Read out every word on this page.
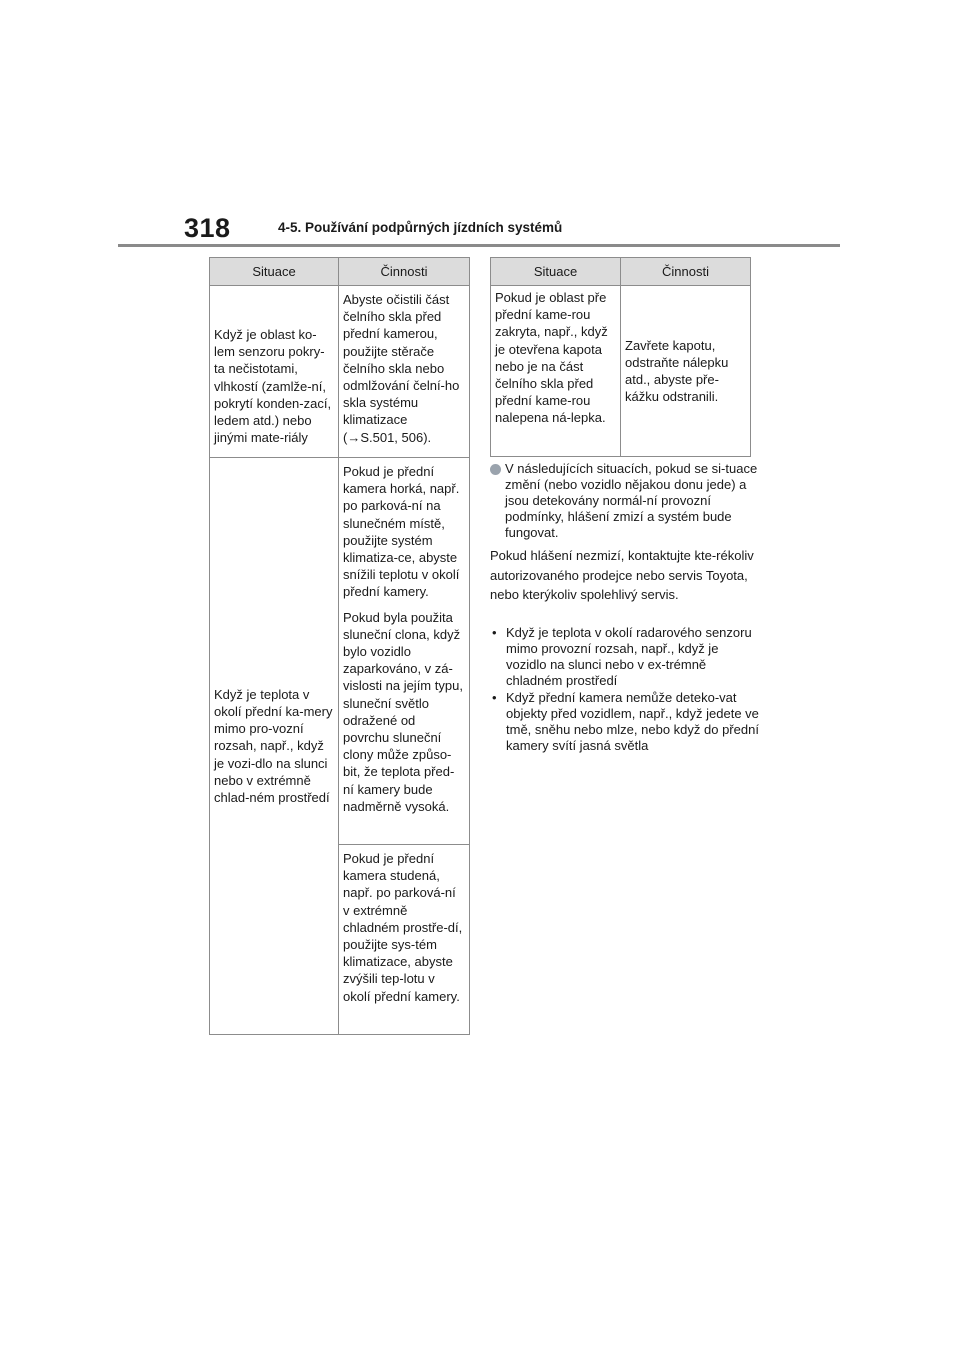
318	4-5. Používání podpůrných jízdních systémů
Situace	Činnosti
Když je oblast ko-lem senzoru pokry-ta nečistotami, vlhkostí (zamlže-ní, pokrytí konden-zací, ledem atd.) nebo jinými mate-riály	Abyste očistili část čelního skla před přední kamerou, použijte stěrače čelního skla nebo odmlžování čelní-ho skla systému klimatizace (→S.501, 506).
Když je teplota v okolí přední ka-mery mimo pro-vozní rozsah, např., když je vozi-dlo na slunci nebo v extrémně chlad-ném prostředí	Pokud je přední kamera horká, např. po parková-ní na slunečném místě, použijte systém klimatiza-ce, abyste snížili teplotu v okolí přední kamery.
Pokud byla použita sluneční clona, když bylo vozidlo zaparkováno, v zá-vislosti na jejím typu, sluneční světlo odražené od povrchu sluneční clony může způso-bit, že teplota před-ní kamery bude nadměrně vysoká.

	Pokud je přední kamera studená, např. po parková-ní v extrémně chladném prostře-dí, použijte sys-tém klimatizace, abyste zvýšili tep-lotu v okolí přední kamery.
Situace	Činnosti
Pokud je oblast pře přední kame-rou zakryta, např., když je otevřena kapota nebo je na část čelního skla před přední kame-rou nalepena ná-lepka.	Zavřete kapotu, odstraňte nálepku atd., abyste pře-kážku odstranili.
V následujících situacích, pokud se si-tuace změní (nebo vozidlo nějakou donu jede) a jsou detekovány normál-ní provozní podmínky, hlášení zmizí a systém bude fungovat.
Pokud hlášení nezmizí, kontaktujte kte-rékoliv autorizovaného prodejce nebo servis Toyota, nebo kterýkoliv spolehlivý servis.
• Když je teplota v okolí radarového senzoru mimo provozní rozsah, např., když je vozidlo na slunci nebo v ex-trémně chladném prostředí
• Když přední kamera nemůže deteko-vat objekty před vozidlem, např., když jedete ve tmě, sněhu nebo mlze, nebo když do přední kamery svítí jasná světla
